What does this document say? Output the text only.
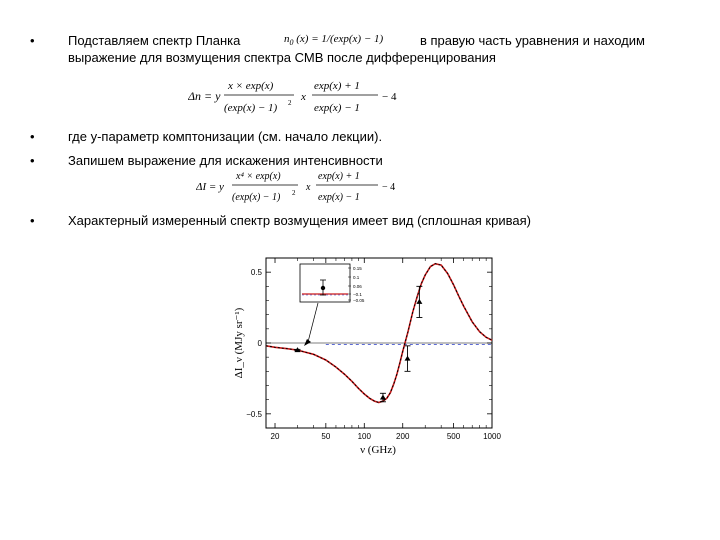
•	Подставляем спектр Планка	$n_0$ (x) = 1/(exp(x) − 1)	в правую часть уравнения и находим
выражение для возмущения спектра СМВ после дифференцирования
Δn = y
x × exp(x)
(exp(x) − 1) 2 x
exp(x) + 1
exp(x) − 1
− 4
•	где y-параметр комптонизации (см. начало лекции).
•	Запишем выражение для искажения интенсивности
ΔI = y
x⁴ × exp(x)
(exp(x) − 1) 2 x
exp(x) + 1
exp(x) − 1
− 4
•	Характерный измеренный спектр возмущения имеет вид (сплошная кривая)
−0.5
0
0.5
20	50	100	200	500	1000
0.15
0.1
0.06
−0.1
−0.05
ν (GHz)
ΔI_ν (MJy sr⁻¹)
